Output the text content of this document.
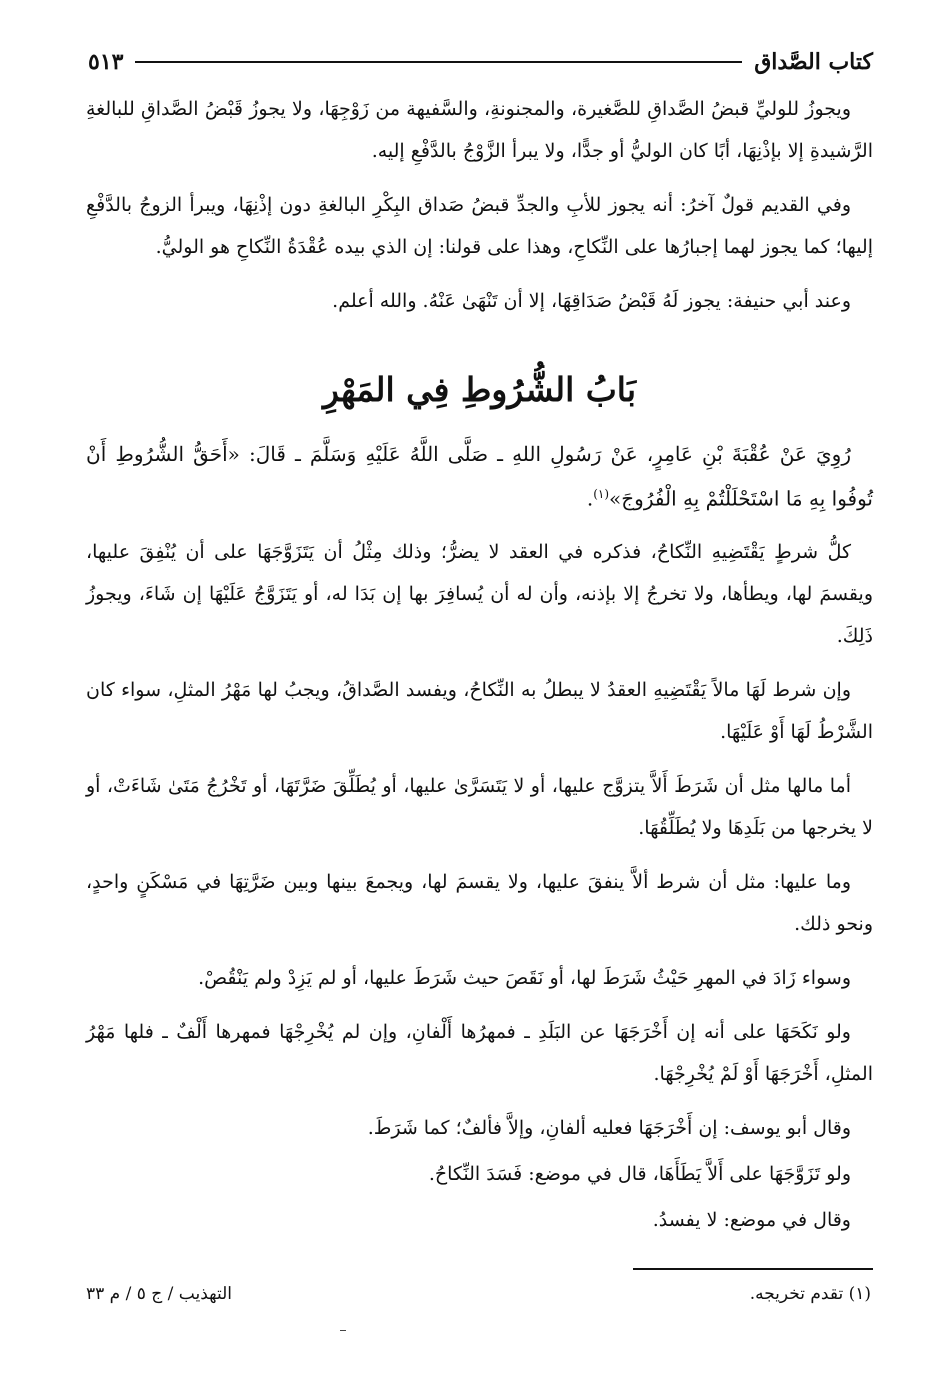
كتاب الصَّداق
٥١٣

ويجوزُ للوليِّ قبضُ الصَّداقِ للصَّغيرة، والمجنونةِ، والسَّفيهة من زَوْجِهَا، ولا يجوزُ قَبْضُ الصَّداقِ للبالغةِ الرَّشيدةِ إلا بإذْنِهَا، أبًا كان الوليُّ أو جدًّا، ولا يبرأ الزَّوْجُ بالدَّفْعِ إليه.

وفي القديم قولٌ آخرُ: أنه يجوز للأبِ والجدِّ قبضُ صَداق البِكْرِ البالغةِ دون إذْنِهَا، ويبرأ الزوجُ بالدَّفْعِ إليها؛ كما يجوز لهما إجبارُها على النِّكاحِ، وهذا على قولنا: إن الذي بيده عُقْدَةُ النِّكاحِ هو الوليُّ.

وعند أبي حنيفة: يجوز لَهُ قَبْضُ صَدَاقِهَا، إلا أن تَنْهَىٰ عَنْهُ. والله أعلم.

بَابُ الشُّرُوطِ فِي المَهْرِ

رُوِيَ عَنْ عُقْبَةَ بْنِ عَامِرٍ، عَنْ رَسُولِ اللهِ ـ صَلَّى اللَّهُ عَلَيْهِ وَسَلَّمَ ـ قَالَ: «أَحَقُّ الشُّرُوطِ أَنْ تُوفُوا بِهِ مَا اسْتَحْلَلْتُمْ بِهِ الْفُرُوجَ»$^{(١)}$.

كلُّ شرطٍ يَقْتَضِيهِ النِّكاحُ، فذكره في العقد لا يضرُّ؛ وذلك مِثْلُ أن يَتَزَوَّجَهَا على أن يُنْفِقَ عليها، ويقسمَ لها، ويطأها، ولا تخرجُ إلا بإذنه، وأن له أن يُسافِرَ بها إن بَدَا له، أو يَتَزَوَّجُ عَلَيْهَا إن شَاءَ، ويجوزُ ذَلِكَ.

وإن شرط لَهَا مالاً يَقْتَضِيهِ العقدُ لا يبطلُ به النِّكاحُ، ويفسد الصَّداقُ، ويجبُ لها مَهْرُ المثلِ، سواء كان الشَّرْطُ لَهَا أَوْ عَلَيْهَا.

أما مالها مثل أن شَرَطَ أَلاَّ يتزوَّج عليها، أو لا يَتَسَرَّىٰ عليها، أو يُطَلِّقَ ضَرَّتَهَا، أو تَخْرُجُ مَتَىٰ شَاءَتْ، أو لا يخرجها من بَلَدِهَا ولا يُطَلِّقُهَا.

وما عليها: مثل أن شرط ألاَّ ينفقَ عليها، ولا يقسمَ لها، ويجمعَ بينها وبين ضَرَّتِهَا في مَسْكَنٍ واحدٍ، ونحو ذلك.

وسواء زَادَ في المهرِ حَيْثُ شَرَطَ لها، أو نَقَصَ حيث شَرَطَ عليها، أو لم يَزِدْ ولم يَنْقُصْ.

ولو نَكَحَهَا على أنه إن أَخْرَجَهَا عن البَلَدِ ـ فمهرُها أَلْفانِ، وإن لم يُخْرِجْهَا فمهرها أَلْفٌ ـ فلها مَهْرُ المثلِ، أَخْرَجَهَا أَوْ لَمْ يُخْرِجْهَا.

وقال أبو يوسف: إن أَخْرَجَهَا فعليه ألفانِ، وإلاَّ فألفٌ؛ كما شَرَطَ.

ولو تَزَوَّجَهَا على أَلاَّ يَطَأَهَا، قال في موضع: فَسَدَ النِّكاحُ.

وقال في موضع: لا يفسدُ.

(١) تقدم تخريجه.
التهذيب / ج ٥ / م ٣٣
